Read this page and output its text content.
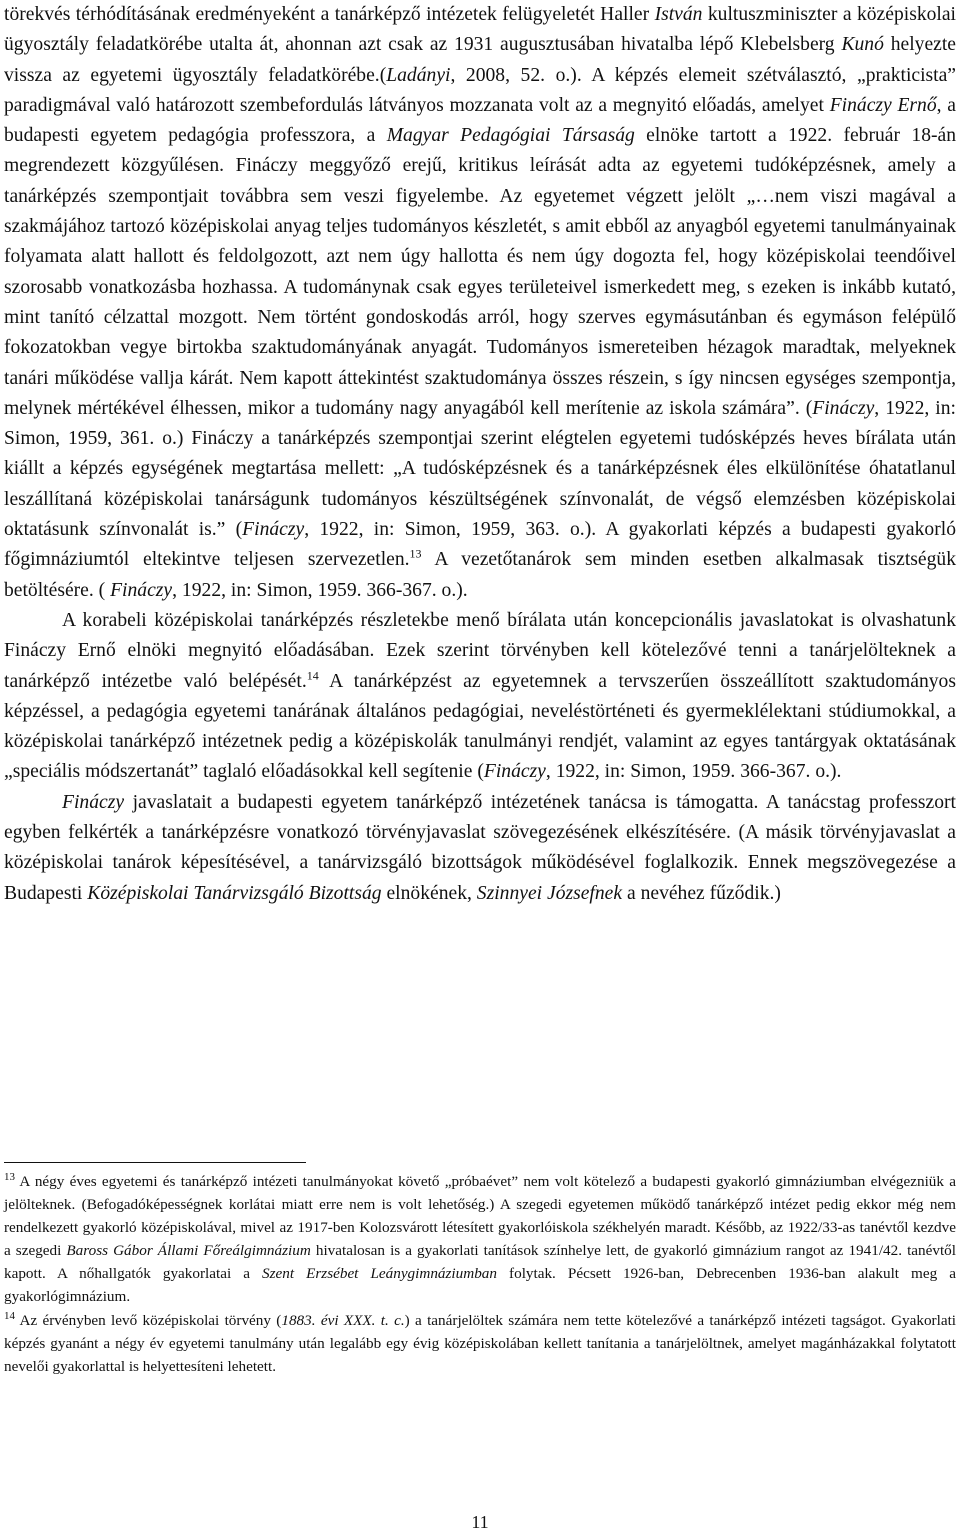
törekvés térhódításának eredményeként a tanárképző intézetek felügyeletét Haller István kultuszminiszter a középiskolai ügyosztály feladatkörébe utalta át, ahonnan azt csak az 1931 augusztusában hivatalba lépő Klebelsberg Kunó helyezte vissza az egyetemi ügyosztály feladatkörébe.(Ladányi, 2008, 52. o.). A képzés elemeit szétválasztó, „prakticista” paradigmával való határozott szembefordulás látványos mozzanata volt az a megnyitó előadás, amelyet Fináczy Ernő, a budapesti egyetem pedagógia professzora, a Magyar Pedagógiai Társaság elnöke tartott a 1922. február 18-án megrendezett közgyűlésen. Fináczy meggyőző erejű, kritikus leírását adta az egyetemi tudóképzésnek, amely a tanárképzés szempontjait továbbra sem veszi figyelembe. Az egyetemet végzett jelölt „…nem viszi magával a szakmájához tartozó középiskolai anyag teljes tudományos készletét, s amit ebből az anyagból egyetemi tanulmányainak folyamata alatt hallott és feldolgozott, azt nem úgy hallotta és nem úgy dogozta fel, hogy középiskolai teendőivel szorosabb vonatkozásba hozhassa. A tudománynak csak egyes területeivel ismerkedett meg, s ezeken is inkább kutató, mint tanító célzattal mozgott. Nem történt gondoskodás arról, hogy szerves egymásutánban és egymáson felépülő fokozatokban vegye birtokba szaktudományának anyagát. Tudományos ismereteiben hézagok maradtak, melyeknek tanári működése vallja kárát. Nem kapott áttekintést szaktudománya összes részein, s így nincsen egységes szempontja, melynek mértékével élhessen, mikor a tudomány nagy anyagából kell merítenie az iskola számára”. (Fináczy, 1922, in: Simon, 1959, 361. o.) Fináczy a tanárképzés szempontjai szerint elégtelen egyetemi tudósképzés heves bírálata után kiállt a képzés egységének megtartása mellett: „A tudósképzésnek és a tanárképzésnek éles elkülönítése óhatatlanul leszállítaná középiskolai tanárságunk tudományos készültségének színvonalát, de végső elemzésben középiskolai oktatásunk színvonalát is.” (Fináczy, 1922, in: Simon, 1959, 363. o.). A gyakorlati képzés a budapesti gyakorló főgimnáziumtól eltekintve teljesen szervezetlen.$^{13}$ A vezetőtanárok sem minden esetben alkalmasak tisztségük betöltésére. ( Fináczy, 1922, in: Simon, 1959. 366-367. o.).

A korabeli középiskolai tanárképzés részletekbe menő bírálata után koncepcionális javaslatokat is olvashatunk Fináczy Ernő elnöki megnyitó előadásában. Ezek szerint törvényben kell kötelezővé tenni a tanárjelölteknek a tanárképző intézetbe való belépését.$^{14}$ A tanárképzést az egyetemnek a tervszerűen összeállított szaktudományos képzéssel, a pedagógia egyetemi tanárának általános pedagógiai, neveléstörténeti és gyermeklélektani stúdiumokkal, a középiskolai tanárképző intézetnek pedig a középiskolák tanulmányi rendjét, valamint az egyes tantárgyak oktatásának „speciális módszertanát” taglaló előadásokkal kell segítenie (Fináczy, 1922, in: Simon, 1959. 366-367. o.).

Fináczy javaslatait a budapesti egyetem tanárképző intézetének tanácsa is támogatta. A tanácstag professzort egyben felkérték a tanárképzésre vonatkozó törvényjavaslat szövegezésének elkészítésére. (A másik törvényjavaslat a középiskolai tanárok képesítésével, a tanárvizsgáló bizottságok működésével foglalkozik. Ennek megszövegezése a Budapesti Középiskolai Tanárvizsgáló Bizottság elnökének, Szinnyei Józsefnek a nevéhez fűződik.)

$^{13}$ A négy éves egyetemi és tanárképző intézeti tanulmányokat követő „próbaévet” nem volt kötelező a budapesti gyakorló gimnáziumban elvégezniük a jelölteknek. (Befogadóképességnek korlátai miatt erre nem is volt lehetőség.) A szegedi egyetemen működő tanárképző intézet pedig ekkor még nem rendelkezett gyakorló középiskolával, mivel az 1917-ben Kolozsvárott létesített gyakorlóiskola székhelyén maradt. Később, az 1922/33-as tanévtől kezdve a szegedi Baross Gábor Állami Főreálgimnázium hivatalosan is a gyakorlati tanítások színhelye lett, de gyakorló gimnázium rangot az 1941/42. tanévtől kapott. A nőhallgatók gyakorlatai a Szent Erzsébet Leánygimnáziumban folytak. Pécsett 1926-ban, Debrecenben 1936-ban alakult meg a gyakorlógimnázium.

$^{14}$ Az érvényben levő középiskolai törvény (1883. évi XXX. t. c.) a tanárjelöltek számára nem tette kötelezővé a tanárképző intézeti tagságot. Gyakorlati képzés gyanánt a négy év egyetemi tanulmány után legalább egy évig középiskolában kellett tanítania a tanárjelöltnek, amelyet magánházakkal folytatott nevelői gyakorlattal is helyettesíteni lehetett.

11
